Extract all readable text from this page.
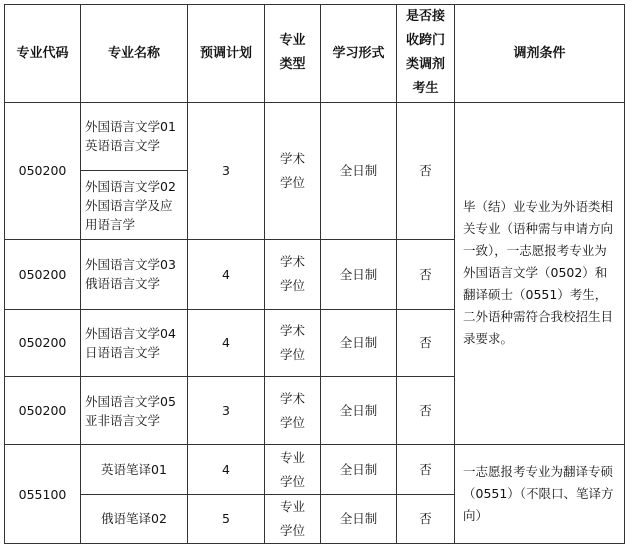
专业代码	专业名称	预调计划	专业类型	学习形式	是否接收跨门类调剂考生	调剂条件
050200	外国语言文学01英语语言文学	3	学术学位	全日制	否	毕（结）业专业为外语类相关专业（语种需与申请方向一致），一志愿报考专业为外国语言文学（0502）和翻译硕士（0551）考生，二外语种需符合我校招生目录要求。
	外国语言文学02外国语言学及应用语言学					
050200	外国语言文学03俄语语言文学	4	学术学位	全日制	否	
050200	外国语言文学04日语语言文学	4	学术学位	全日制	否	
050200	外国语言文学05亚非语言文学	3	学术学位	全日制	否	
055100	英语笔译01	4	专业学位	全日制	否	一志愿报考专业为翻译专硕（0551）（不限口、笔译方向）
	俄语笔译02	5	专业学位	全日制	否	
